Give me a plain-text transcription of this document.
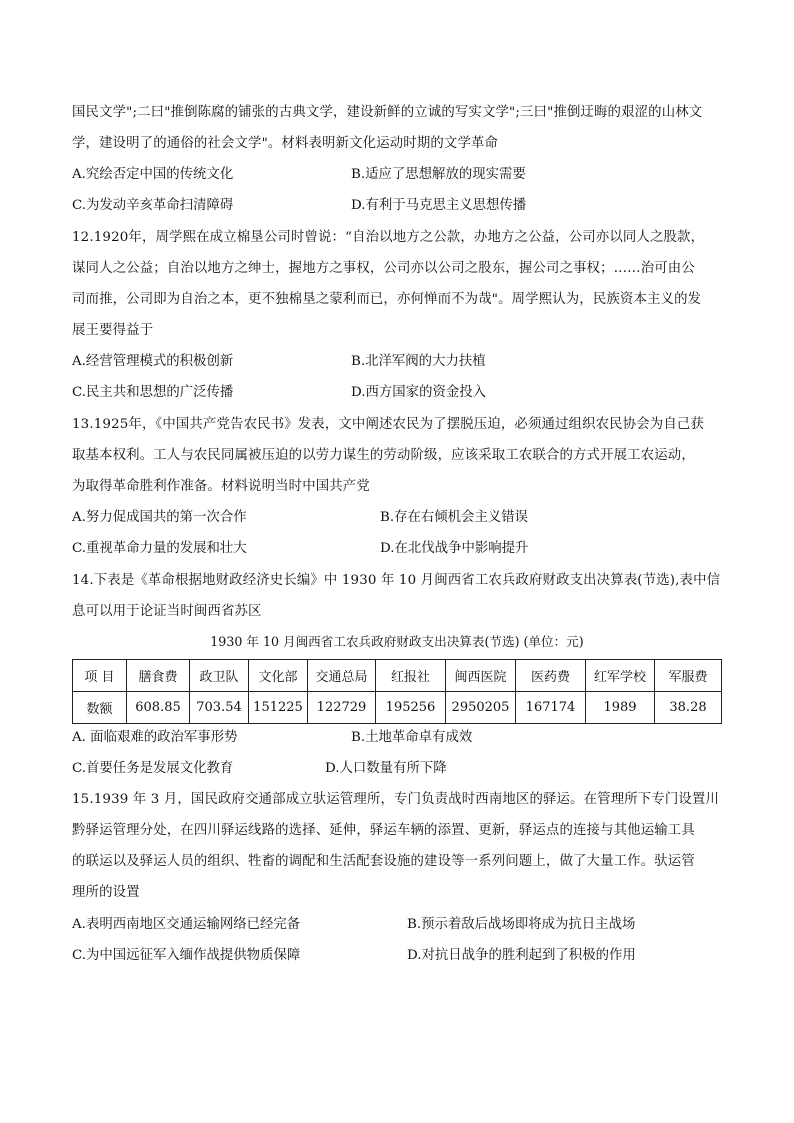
国民文学";二曰"推倒陈腐的铺张的古典文学，建设新鲜的立诚的写实文学";三曰"推倒迂晦的艰涩的山林文
学，建设明了的通俗的社会文学"。材料表明新文化运动时期的文学革命
A.究绘否定中国的传统文化	B.适应了思想解放的现实需要
C.为发动辛亥革命扫清障碍	D.有利于马克思主义思想传播
12.1920年，周学熙在成立棉垦公司时曾说：“自治以地方之公款，办地方之公益，公司亦以同人之股款，
谋同人之公益；自治以地方之绅士，握地方之事权，公司亦以公司之股东，握公司之事权；……治可由公
司而推，公司即为自治之本，更不独棉垦之蒙利而已，亦何惮而不为哉"。周学熙认为，民族资本主义的发
展王要得益于
A.经营管理模式的积极创新	B.北洋军阀的大力扶植
C.民主共和思想的广泛传播	D.西方国家的资金投入
13.1925年，《中国共产党告农民书》发表，文中阐述农民为了摆脱压迫，必须通过组织农民协会为自己获
取基本权利。工人与农民同属被压迫的以劳力谋生的劳动阶级，应该采取工农联合的方式开展工农运动，
为取得革命胜利作准备。材料说明当时中国共产党
A.努力促成国共的第一次合作	B.存在右倾机会主义错误
C.重视革命力量的发展和壮大	D.在北伐战争中影响提升
14.下表是《革命根据地财政经济史长编》中 1930 年 10 月闽西省工农兵政府财政支出决算表(节选),表中信
息可以用于论证当时闽西省苏区
1930 年 10 月闽西省工农兵政府财政支出决算表(节选) (单位：元)
项 目	膳食费	政卫队	文化部	交通总局	红报社	闽西医院	医药费	红军学校	军服费
数额	608.85	703.54	151225	122729	195256	2950205	167174	1989	38.28
A. 面临艰难的政治军事形势	B.土地革命卓有成效
C.首要任务是发展文化教育	D.人口数量有所下降
15.1939 年 3 月，国民政府交通部成立驮运管理所，专门负责战时西南地区的驿运。在管理所下专门设置川
黔驿运管理分处，在四川驿运线路的选择、延伸，驿运车辆的添置、更新，驿运点的连接与其他运输工具
的联运以及驿运人员的组织、牲畜的调配和生活配套设施的建设等一系列问题上，做了大量工作。驮运管
理所的设置
A.表明西南地区交通运输网络已经完备	B.预示着敌后战场即将成为抗日主战场
C.为中国远征军入缅作战提供物质保障	D.对抗日战争的胜利起到了积极的作用
